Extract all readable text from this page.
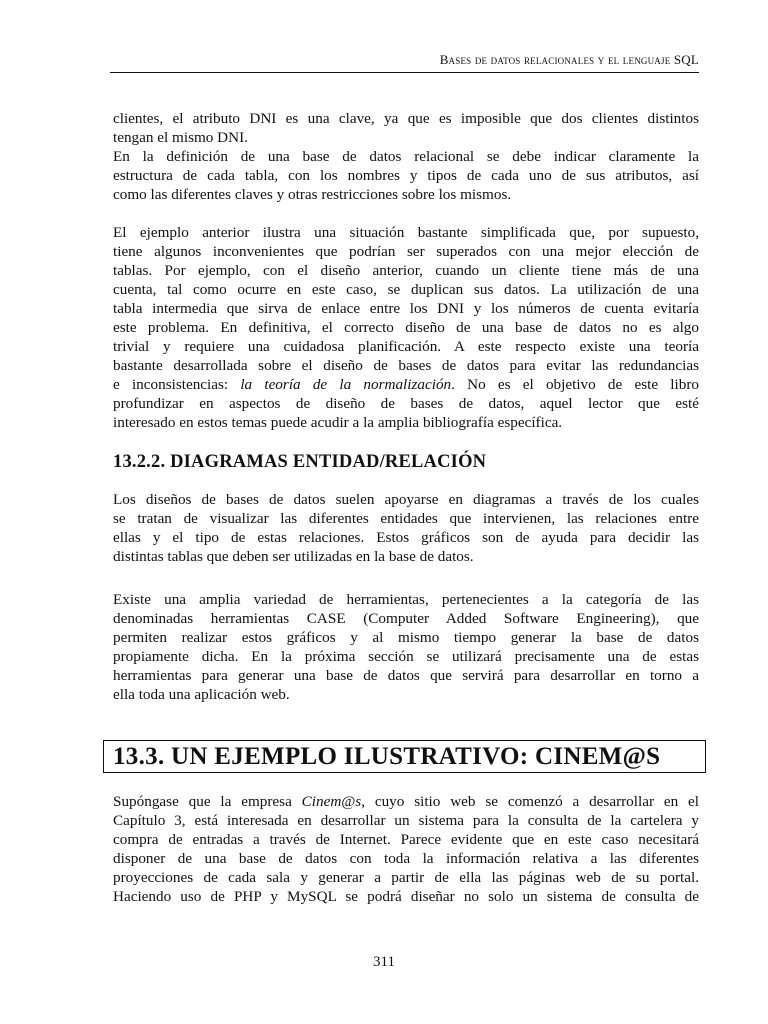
Bases de datos relacionales y el lenguaje SQL

clientes, el atributo DNI es una clave, ya que es imposible que dos clientes distintos
tengan el mismo DNI.
En la definición de una base de datos relacional se debe indicar claramente la
estructura de cada tabla, con los nombres y tipos de cada uno de sus atributos, así
como las diferentes claves y otras restricciones sobre los mismos.

El ejemplo anterior ilustra una situación bastante simplificada que, por supuesto,
tiene algunos inconvenientes que podrían ser superados con una mejor elección de
tablas. Por ejemplo, con el diseño anterior, cuando un cliente tiene más de una
cuenta, tal como ocurre en este caso, se duplican sus datos. La utilización de una
tabla intermedia que sirva de enlace entre los DNI y los números de cuenta evitaría
este problema. En definitiva, el correcto diseño de una base de datos no es algo
trivial y requiere una cuidadosa planificación. A este respecto existe una teoría
bastante desarrollada sobre el diseño de bases de datos para evitar las redundancias
e inconsistencias: la teoría de la normalización. No es el objetivo de este libro
profundizar en aspectos de diseño de bases de datos, aquel lector que esté
interesado en estos temas puede acudir a la amplia bibliografía específica.

13.2.2. DIAGRAMAS ENTIDAD/RELACIÓN

Los diseños de bases de datos suelen apoyarse en diagramas a través de los cuales
se tratan de visualizar las diferentes entidades que intervienen, las relaciones entre
ellas y el tipo de estas relaciones. Estos gráficos son de ayuda para decidir las
distintas tablas que deben ser utilizadas en la base de datos.

Existe una amplia variedad de herramientas, pertenecientes a la categoría de las
denominadas herramientas CASE (Computer Added Software Engineering), que
permiten realizar estos gráficos y al mismo tiempo generar la base de datos
propiamente dicha. En la próxima sección se utilizará precisamente una de estas
herramientas para generar una base de datos que servirá para desarrollar en torno a
ella toda una aplicación web.

13.3. UN EJEMPLO ILUSTRATIVO: CINEM@S

Supóngase que la empresa Cinem@s, cuyo sitio web se comenzó a desarrollar en el
Capítulo 3, está interesada en desarrollar un sistema para la consulta de la cartelera y
compra de entradas a través de Internet. Parece evidente que en este caso necesitará
disponer de una base de datos con toda la información relativa a las diferentes
proyecciones de cada sala y generar a partir de ella las páginas web de su portal.
Haciendo uso de PHP y MySQL se podrá diseñar no solo un sistema de consulta de

311
